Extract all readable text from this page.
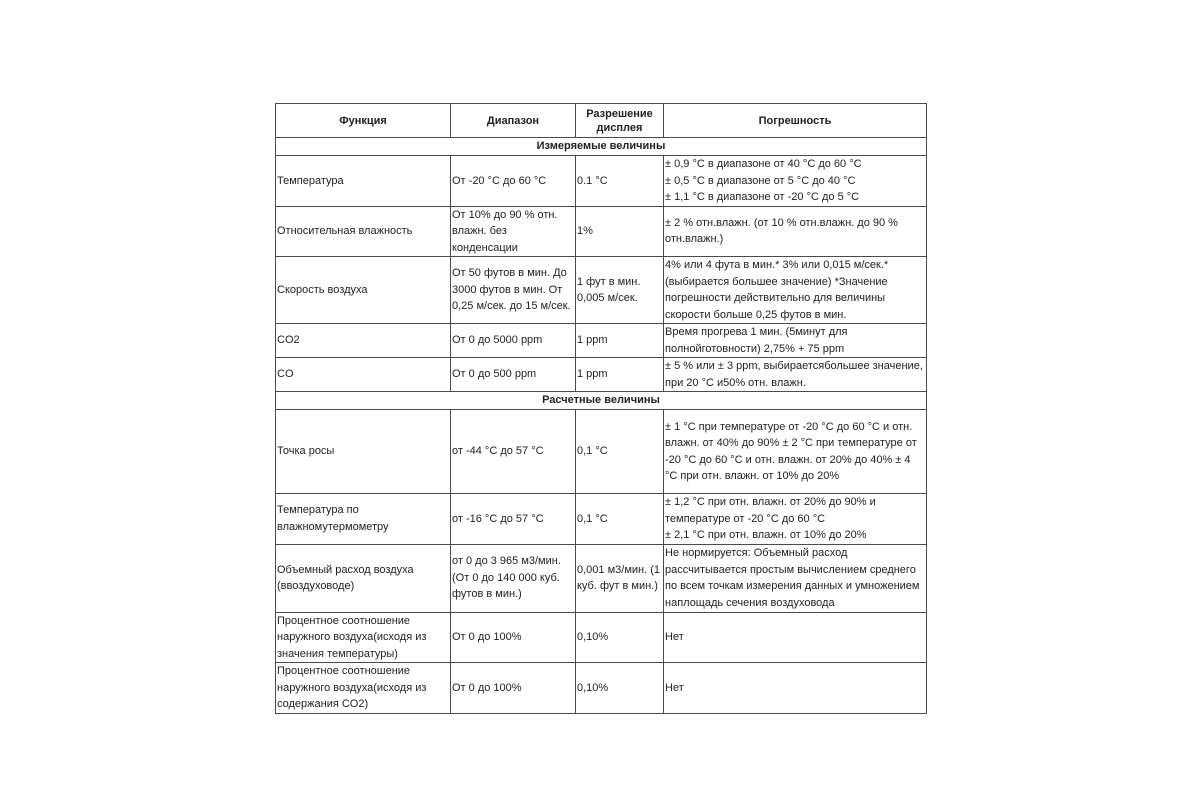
Функция	Диапазон	Разрешение дисплея	Погрешность
Измеряемые величины			
Температура	От -20 °C до 60 °C	0.1 °C	± 0,9 °C в диапазоне от 40 °C до 60 °C
± 0,5 °C в диапазоне от 5 °C до 40 °C
± 1,1 °C в диапазоне от -20 °C до 5 °C
Относительная влажность	От 10% до 90 % отн. влажн. без конденсации	1%	± 2 % отн.влажн. (от 10 % отн.влажн. до 90 % отн.влажн.)
Скорость воздуха	От 50 футов в мин. До 3000 футов в мин. От 0,25 м/сек. до 15 м/сек.	1 фут в мин. 0,005 м/сек.	4% или 4 фута в мин.* 3% или 0,015 м/сек.* (выбирается большее значение) *Значение погрешности действительно для величины скорости больше 0,25 футов в мин.
CO2	От 0 до 5000 ppm	1 ppm	Время прогрева 1 мин. (5минут для полнойготовности) 2,75% + 75 ppm
CO	От 0 до 500 ppm	1 ppm	± 5 % или ± 3 ppm, выбираетсябольшее значение, при 20 °C и50% отн. влажн.
Расчетные величины			
Точка росы	от -44 °C до 57 °C	0,1 °C	± 1 °C при температуре от -20 °C до 60 °C и отн. влажн. от 40% до 90% ± 2 °C при температуре от -20 °C до 60 °C и отн. влажн. от 20% до 40% ± 4 °C при отн. влажн. от 10% до 20%
Температура по влажномутермометру	от -16 °C до 57 °C	0,1 °C	± 1,2 °C при отн. влажн. от 20% до 90% и температуре от -20 °C до 60 °C
± 2,1 °C при отн. влажн. от 10% до 20%
Объемный расход воздуха (ввоздуховоде)	от 0 до 3 965 м3/мин. (От 0 до 140 000 куб. футов в мин.)	0,001 м3/мин. (1 куб. фут в мин.)	Не нормируется: Объемный расход рассчитывается простым вычислением среднего по всем точкам измерения данных и умножением наплощадь сечения воздуховода
Процентное соотношение наружного воздуха(исходя из значения температуры)	От 0 до 100%	0,10%	Нет
Процентное соотношение наружного воздуха(исходя из содержания CO2)	От 0 до 100%	0,10%	Нет
